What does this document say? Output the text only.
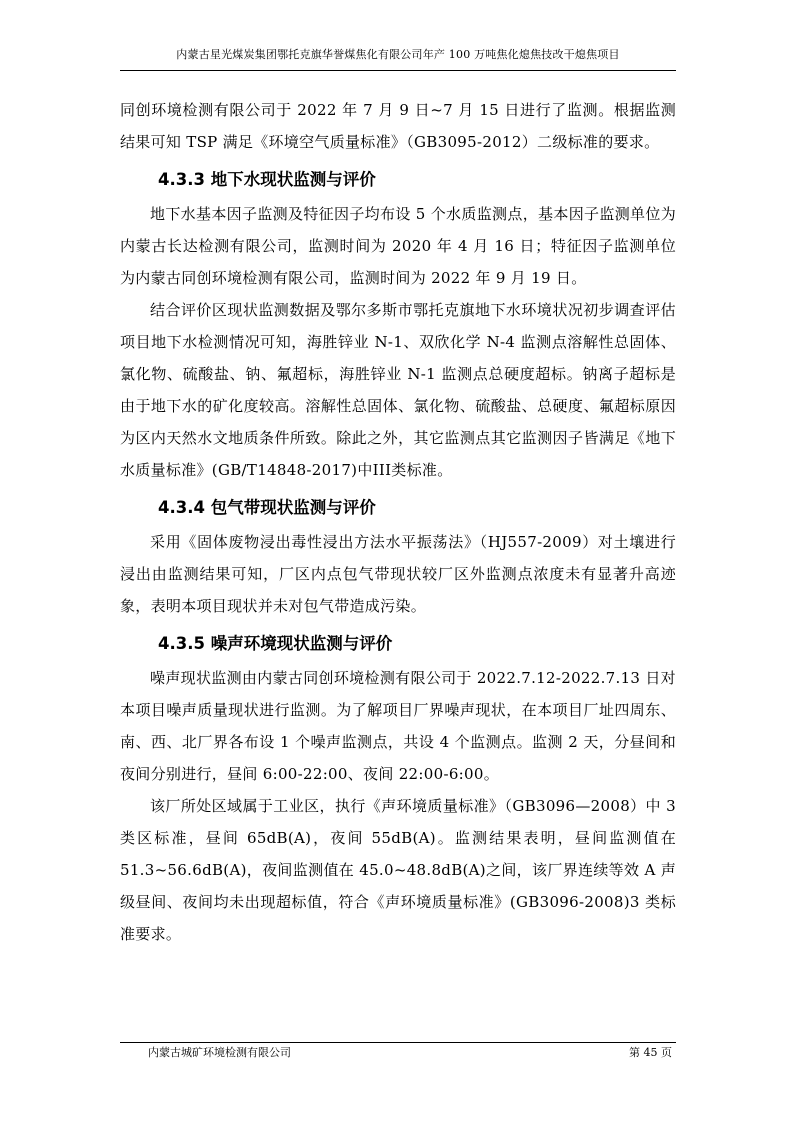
内蒙古星光煤炭集团鄂托克旗华誉煤焦化有限公司年产 100 万吨焦化熄焦技改干熄焦项目

同创环境检测有限公司于 2022 年 7 月 9 日~7 月 15 日进行了监测。根据监测结果可知 TSP 满足《环境空气质量标准》（GB3095-2012）二级标准的要求。

4.3.3 地下水现状监测与评价

地下水基本因子监测及特征因子均布设 5 个水质监测点，基本因子监测单位为内蒙古长达检测有限公司，监测时间为 2020 年 4 月 16 日；特征因子监测单位为内蒙古同创环境检测有限公司，监测时间为 2022 年 9 月 19 日。

结合评价区现状监测数据及鄂尔多斯市鄂托克旗地下水环境状况初步调查评估项目地下水检测情况可知，海胜锌业 N-1、双欣化学 N-4 监测点溶解性总固体、氯化物、硫酸盐、钠、氟超标，海胜锌业 N-1 监测点总硬度超标。钠离子超标是由于地下水的矿化度较高。溶解性总固体、氯化物、硫酸盐、总硬度、氟超标原因为区内天然水文地质条件所致。除此之外，其它监测点其它监测因子皆满足《地下水质量标准》(GB/T14848-2017)中III类标准。

4.3.4 包气带现状监测与评价

采用《固体废物浸出毒性浸出方法水平振荡法》（HJ557-2009）对土壤进行浸出由监测结果可知，厂区内点包气带现状较厂区外监测点浓度未有显著升高迹象，表明本项目现状并未对包气带造成污染。

4.3.5 噪声环境现状监测与评价

噪声现状监测由内蒙古同创环境检测有限公司于 2022.7.12-2022.7.13 日对本项目噪声质量现状进行监测。为了解项目厂界噪声现状，在本项目厂址四周东、南、西、北厂界各布设 1 个噪声监测点，共设 4 个监测点。监测 2 天，分昼间和夜间分别进行，昼间 6:00-22:00、夜间 22:00-6:00。

该厂所处区域属于工业区，执行《声环境质量标准》（GB3096—2008）中 3 类区标准，昼间 65dB(A)，夜间 55dB(A)。监测结果表明，昼间监测值在 51.3~56.6dB(A)，夜间监测值在 45.0~48.8dB(A)之间，该厂界连续等效 A 声级昼间、夜间均未出现超标值，符合《声环境质量标准》(GB3096-2008)3 类标准要求。

内蒙古城矿环境检测有限公司	第 45 页
